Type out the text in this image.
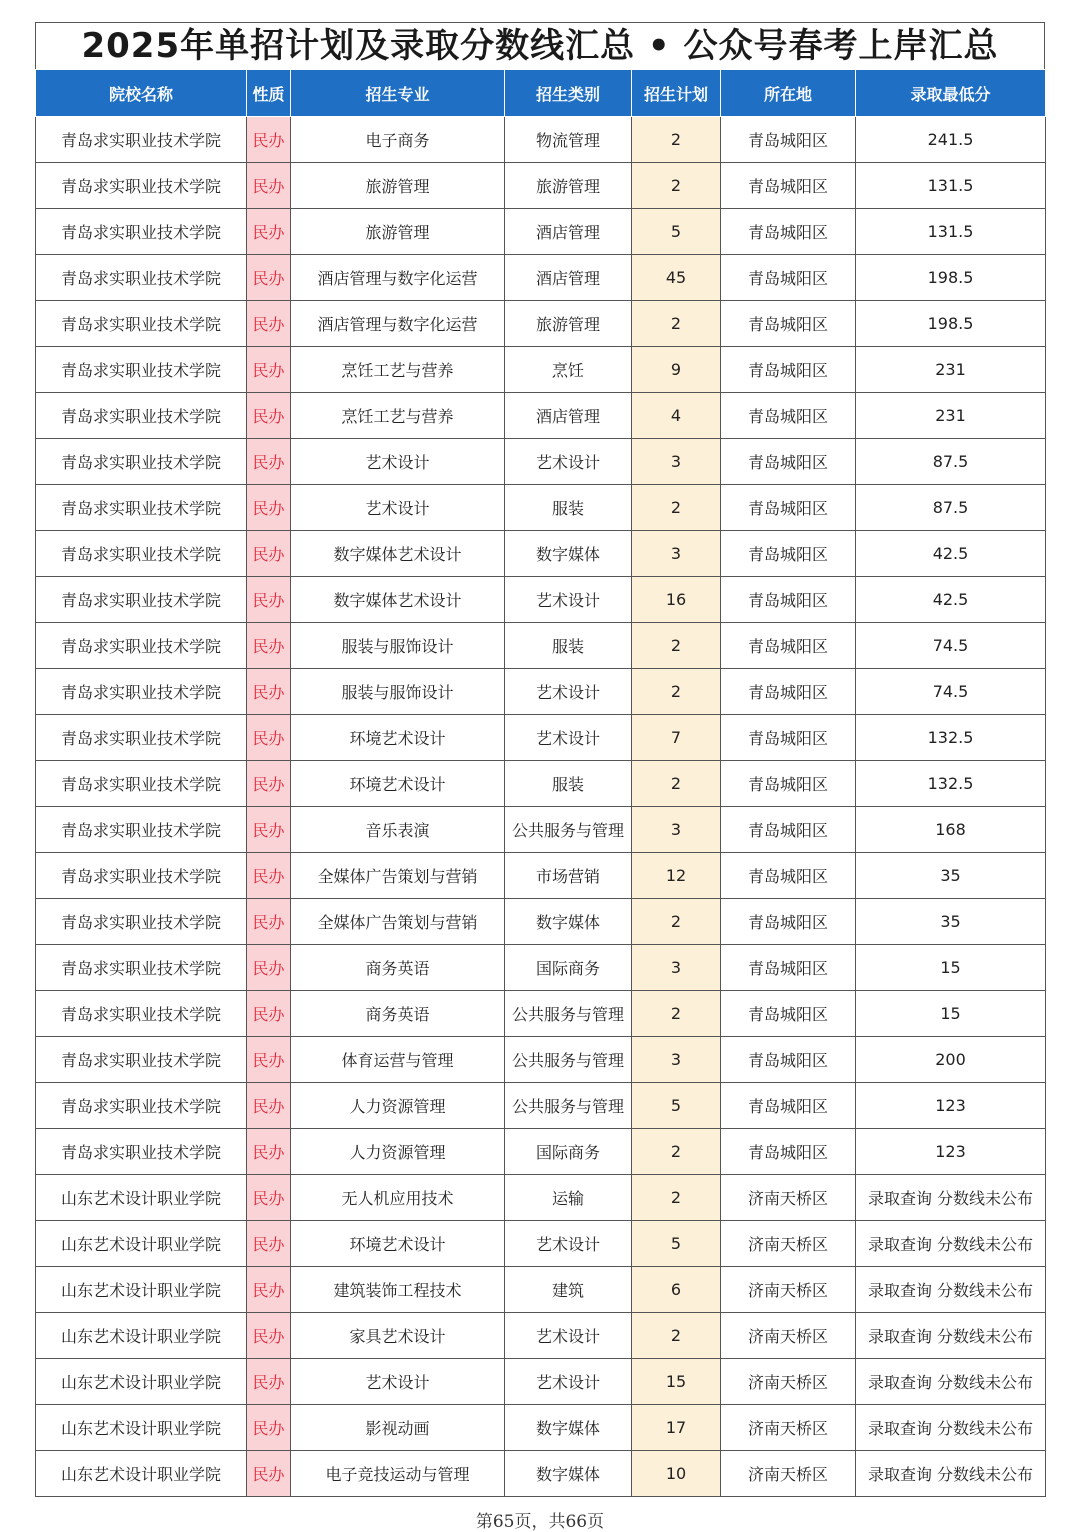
2025年单招计划及录取分数线汇总 • 公众号春考上岸汇总
院校名称	性质	招生专业	招生类别	招生计划	所在地	录取最低分
青岛求实职业技术学院	民办	电子商务	物流管理	2	青岛城阳区	241.5
青岛求实职业技术学院	民办	旅游管理	旅游管理	2	青岛城阳区	131.5
青岛求实职业技术学院	民办	旅游管理	酒店管理	5	青岛城阳区	131.5
青岛求实职业技术学院	民办	酒店管理与数字化运营	酒店管理	45	青岛城阳区	198.5
青岛求实职业技术学院	民办	酒店管理与数字化运营	旅游管理	2	青岛城阳区	198.5
青岛求实职业技术学院	民办	烹饪工艺与营养	烹饪	9	青岛城阳区	231
青岛求实职业技术学院	民办	烹饪工艺与营养	酒店管理	4	青岛城阳区	231
青岛求实职业技术学院	民办	艺术设计	艺术设计	3	青岛城阳区	87.5
青岛求实职业技术学院	民办	艺术设计	服装	2	青岛城阳区	87.5
青岛求实职业技术学院	民办	数字媒体艺术设计	数字媒体	3	青岛城阳区	42.5
青岛求实职业技术学院	民办	数字媒体艺术设计	艺术设计	16	青岛城阳区	42.5
青岛求实职业技术学院	民办	服装与服饰设计	服装	2	青岛城阳区	74.5
青岛求实职业技术学院	民办	服装与服饰设计	艺术设计	2	青岛城阳区	74.5
青岛求实职业技术学院	民办	环境艺术设计	艺术设计	7	青岛城阳区	132.5
青岛求实职业技术学院	民办	环境艺术设计	服装	2	青岛城阳区	132.5
青岛求实职业技术学院	民办	音乐表演	公共服务与管理	3	青岛城阳区	168
青岛求实职业技术学院	民办	全媒体广告策划与营销	市场营销	12	青岛城阳区	35
青岛求实职业技术学院	民办	全媒体广告策划与营销	数字媒体	2	青岛城阳区	35
青岛求实职业技术学院	民办	商务英语	国际商务	3	青岛城阳区	15
青岛求实职业技术学院	民办	商务英语	公共服务与管理	2	青岛城阳区	15
青岛求实职业技术学院	民办	体育运营与管理	公共服务与管理	3	青岛城阳区	200
青岛求实职业技术学院	民办	人力资源管理	公共服务与管理	5	青岛城阳区	123
青岛求实职业技术学院	民办	人力资源管理	国际商务	2	青岛城阳区	123
山东艺术设计职业学院	民办	无人机应用技术	运输	2	济南天桥区	录取查询 分数线未公布
山东艺术设计职业学院	民办	环境艺术设计	艺术设计	5	济南天桥区	录取查询 分数线未公布
山东艺术设计职业学院	民办	建筑装饰工程技术	建筑	6	济南天桥区	录取查询 分数线未公布
山东艺术设计职业学院	民办	家具艺术设计	艺术设计	2	济南天桥区	录取查询 分数线未公布
山东艺术设计职业学院	民办	艺术设计	艺术设计	15	济南天桥区	录取查询 分数线未公布
山东艺术设计职业学院	民办	影视动画	数字媒体	17	济南天桥区	录取查询 分数线未公布
山东艺术设计职业学院	民办	电子竞技运动与管理	数字媒体	10	济南天桥区	录取查询 分数线未公布
第65页，共66页
